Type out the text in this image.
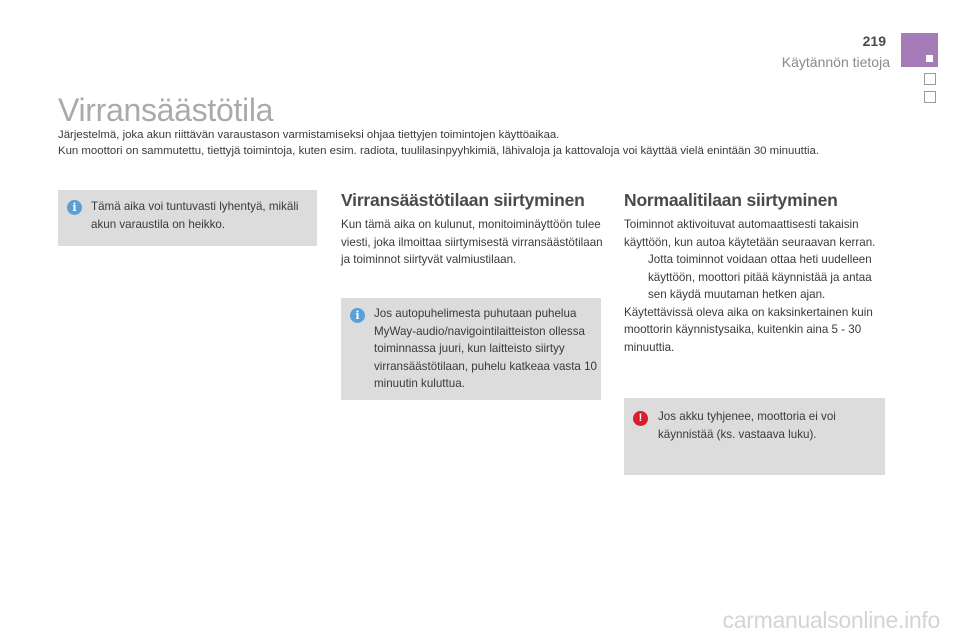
219
Käytännön tietoja
Virransäästötila

Järjestelmä, joka akun riittävän varaustason varmistamiseksi ohjaa tiettyjen toimintojen käyttöaikaa.

Kun moottori on sammutettu, tiettyjä toimintoja, kuten esim. radiota, tuulilasinpyyhkimiä, lähivaloja ja kattovaloja voi käyttää vielä enintään 30 minuuttia.

i	Tämä aika voi tuntuvasti lyhentyä, mikäli akun varaustila on heikko.
Virransäästötilaan siirtyminen
Kun tämä aika on kulunut, monitoiminäyttöön tulee viesti, joka ilmoittaa siirtymisestä virransäästötilaan ja toiminnot siirtyvät valmiustilaan.
i	Jos autopuhelimesta puhutaan puhelua MyWay-audio/navigointilaitteiston ollessa toiminnassa juuri, kun laitteisto siirtyy virransäästötilaan, puhelu katkeaa vasta 10 minuutin kuluttua.
Normaalitilaan siirtyminen

Toiminnot aktivoituvat automaattisesti takaisin käyttöön, kun autoa käytetään seuraavan kerran.

Jotta toiminnot voidaan ottaa heti uudelleen käyttöön, moottori pitää käynnistää ja antaa sen käydä muutaman hetken ajan.

Käytettävissä oleva aika on kaksinkertainen kuin moottorin käynnistysaika, kuitenkin aina 5 - 30 minuuttia.

!	Jos akku tyhjenee, moottoria ei voi käynnistää (ks. vastaava luku).
carmanualsonline.info
